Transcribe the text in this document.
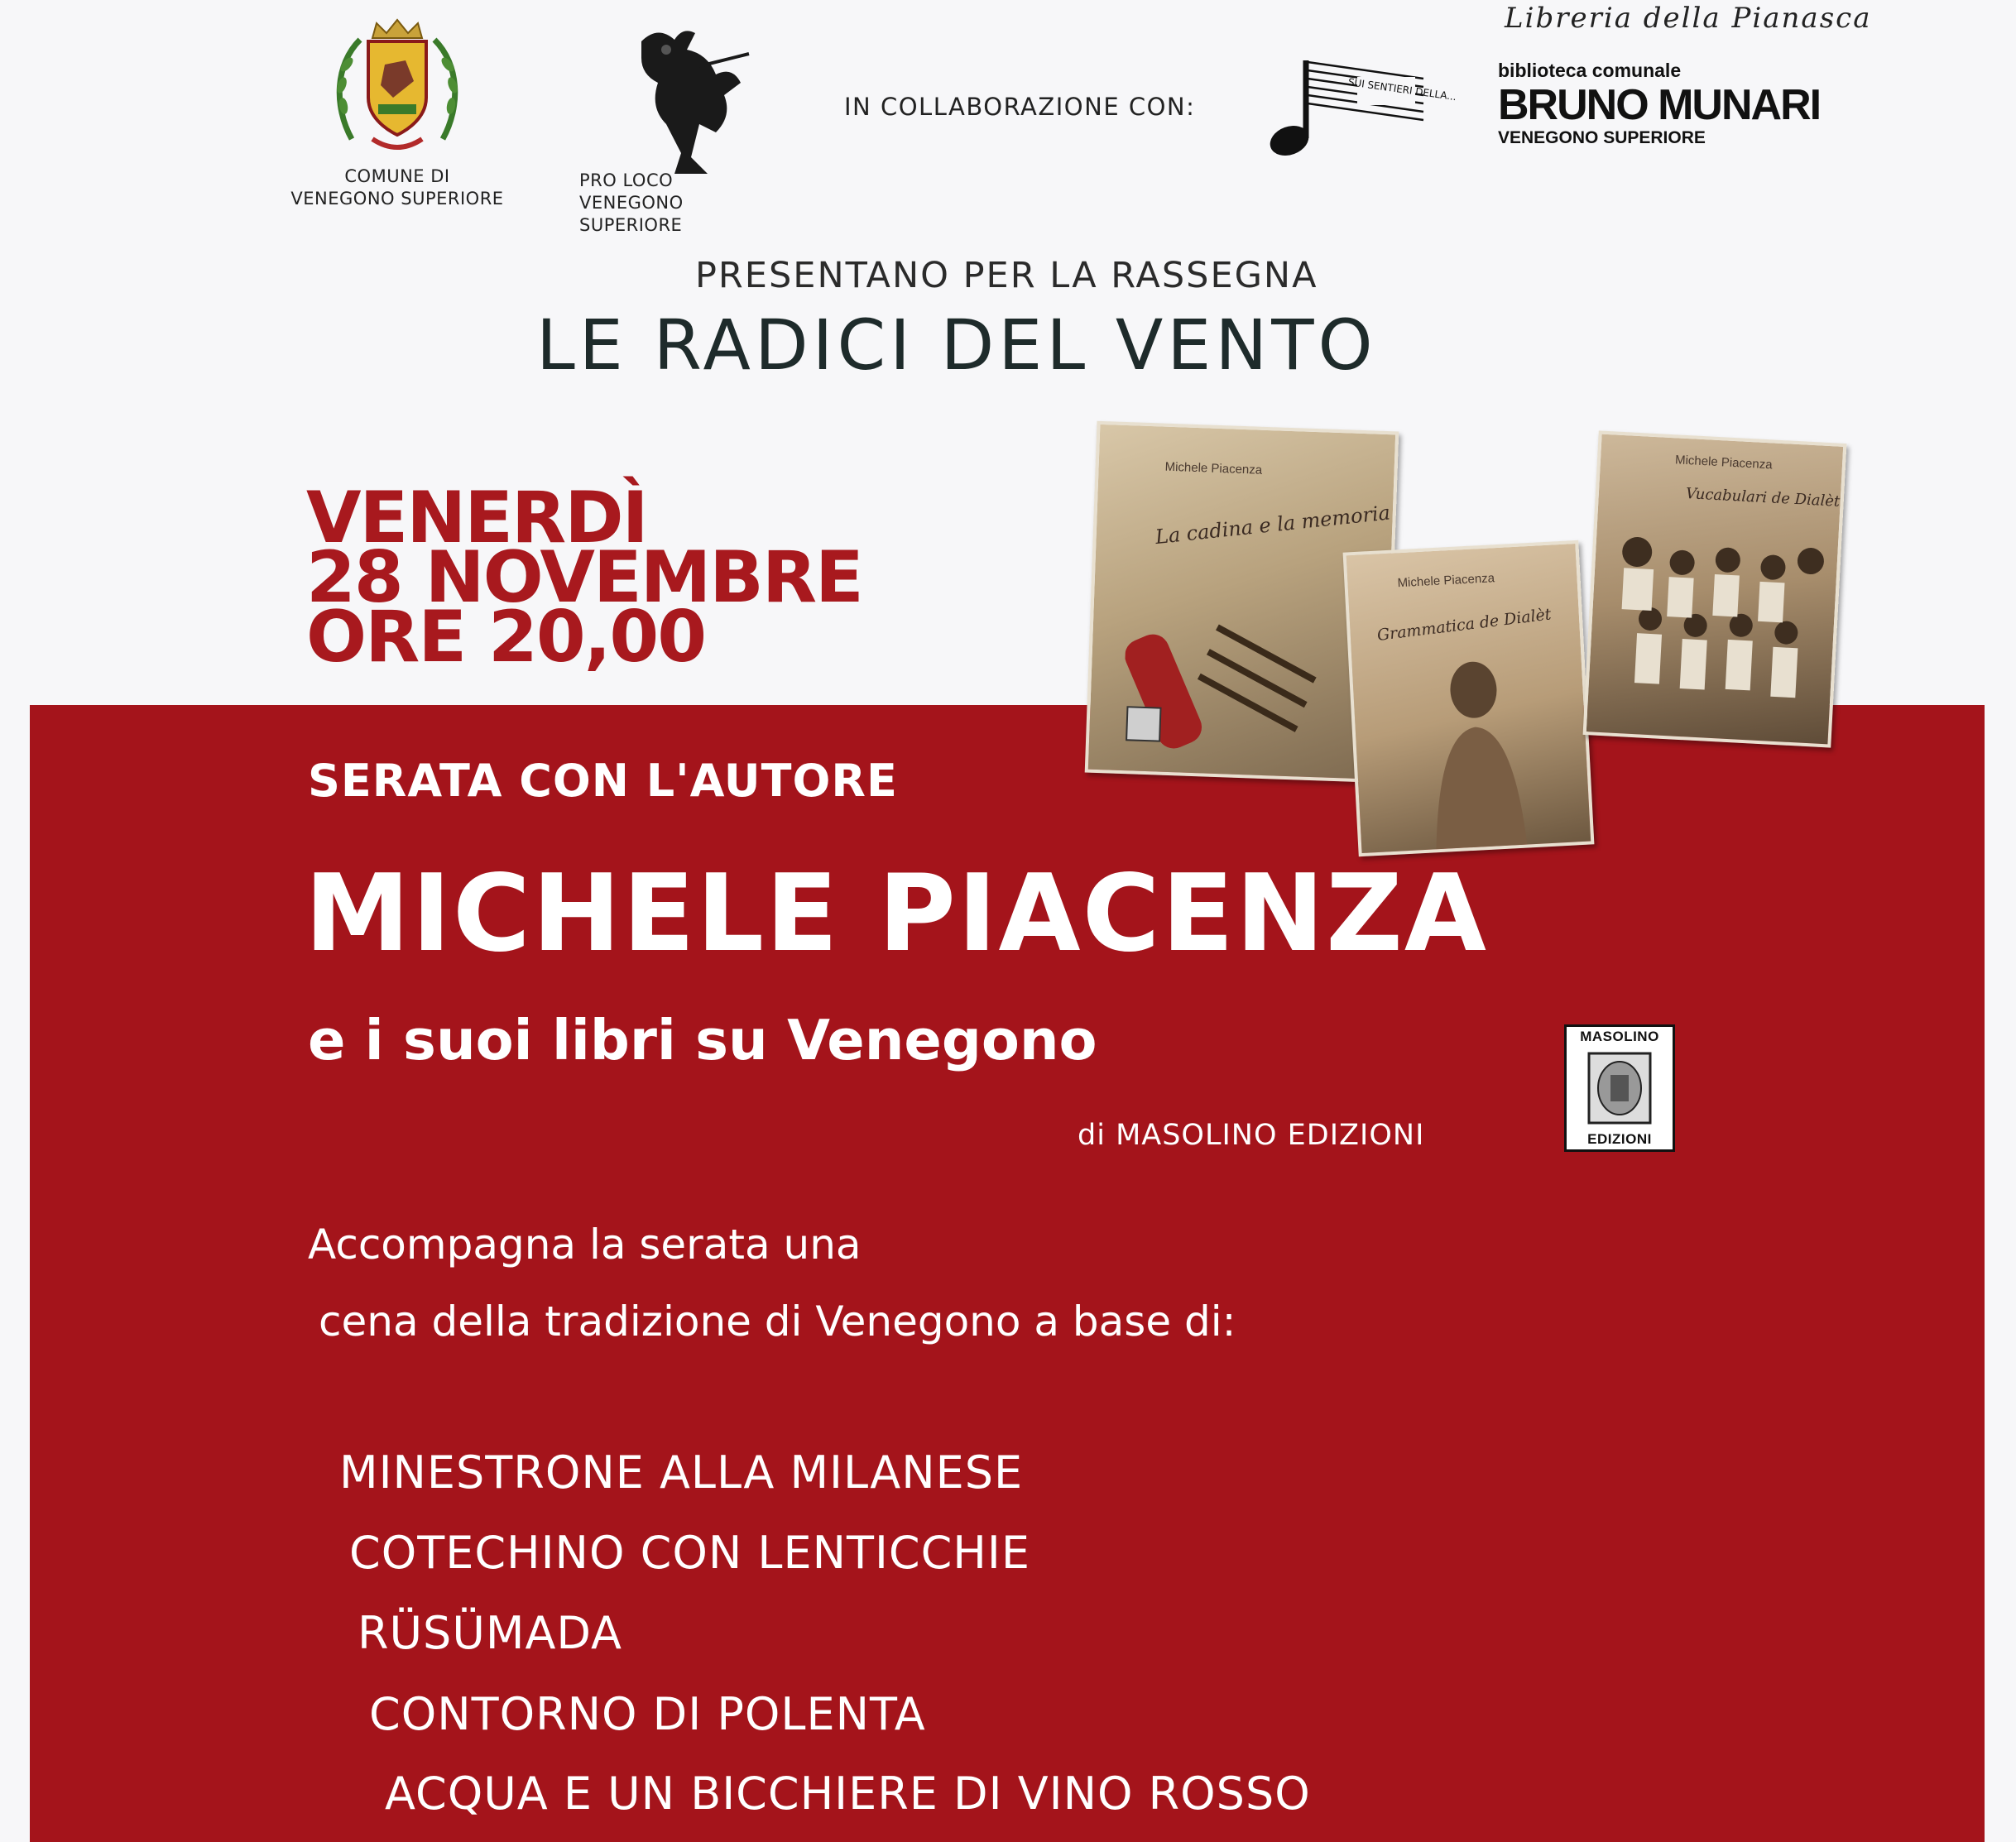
COMUNE DI
VENEGONO SUPERIORE
PRO LOCO
VENEGONO SUPERIORE
IN COLLABORAZIONE CON:
SUI SENTIERI DELLA...
Libreria della Pianasca
biblioteca comunale
BRUNO MUNARI
VENEGONO SUPERIORE
PRESENTANO PER LA RASSEGNA
LE RADICI DEL VENTO
VENERDÌ
28 NOVEMBRE
ORE 20,00
Michele Piacenza
La cadina e la memoria
Michele Piacenza
Grammatica de Dialèt
Michele Piacenza
Vucabulari de Dialèt
SERATA CON L'AUTORE
MICHELE PIACENZA
e i suoi libri su Venegono
di MASOLINO EDIZIONI
MASOLINO
EDIZIONI
Accompagna la serata una
cena della tradizione di Venegono a base di:
MINESTRONE ALLA MILANESE
COTECHINO CON LENTICCHIE
RÜSÜMADA
CONTORNO DI POLENTA
ACQUA E UN BICCHIERE DI VINO ROSSO
